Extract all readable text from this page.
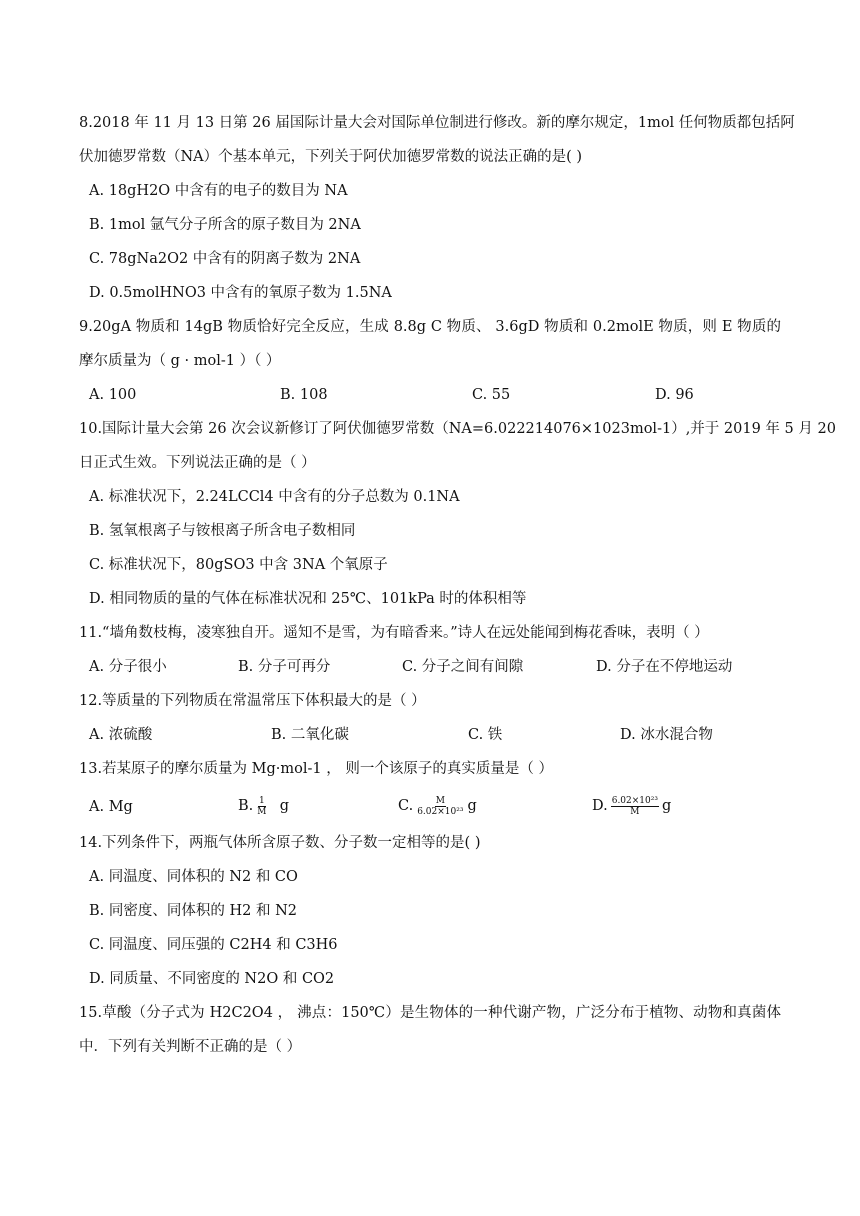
8.2018 年 11 月 13 日第 26 届国际计量大会对国际单位制进行修改。新的摩尔规定，1mol 任何物质都包括阿
伏加德罗常数（NA）个基本单元，下列关于阿伏加德罗常数的说法正确的是( )
A. 18gH2O 中含有的电子的数目为 NA
B. 1mol 氩气分子所含的原子数目为 2NA
C. 78gNa2O2 中含有的阴离子数为 2NA
D. 0.5molHNO3 中含有的氧原子数为 1.5NA
9.20gA 物质和 14gB 物质恰好完全反应，生成 8.8g C 物质、 3.6gD 物质和 0.2molE 物质，则 E 物质的
摩尔质量为（ g · mol-1 ）（ ）
A. 100	B. 108	C. 55	D. 96
10.国际计量大会第 26 次会议新修订了阿伏伽德罗常数（NA=6.022214076×1023mol-1）,并于 2019 年 5 月 20
日正式生效。下列说法正确的是（ ）
A. 标准状况下，2.24LCCl4 中含有的分子总数为 0.1NA
B. 氢氧根离子与铵根离子所含电子数相同
C. 标准状况下，80gSO3 中含 3NA 个氧原子
D. 相同物质的量的气体在标准状况和 25℃、101kPa 时的体积相等
11.“墙角数枝梅，凌寒独自开。遥知不是雪，为有暗香来。”诗人在远处能闻到梅花香味，表明（ ）
A. 分子很小	B. 分子可再分	C. 分子之间有间隙	D. 分子在不停地运动
12.等质量的下列物质在常温常压下体积最大的是（ ）
A. 浓硫酸	B. 二氧化碳	C. 铁	D. 冰水混合物
13.若某原子的摩尔质量为 Mg·mol-1 ， 则一个该原子的真实质量是（ ）
A. Mg	B. $\frac{1}{M}$ g	C. $\frac{M}{\text{6.02×10²³}}$ g	D. $\frac{\text{6.02×10²³}}{M}$ g
14.下列条件下，两瓶气体所含原子数、分子数一定相等的是( )
A. 同温度、同体积的 N2 和 CO
B. 同密度、同体积的 H2 和 N2
C. 同温度、同压强的 C2H4 和 C3H6
D. 同质量、不同密度的 N2O 和 CO2
15.草酸（分子式为 H2C2O4 ， 沸点：150℃）是生物体的一种代谢产物，广泛分布于植物、动物和真菌体
中．下列有关判断不正确的是（ ）
